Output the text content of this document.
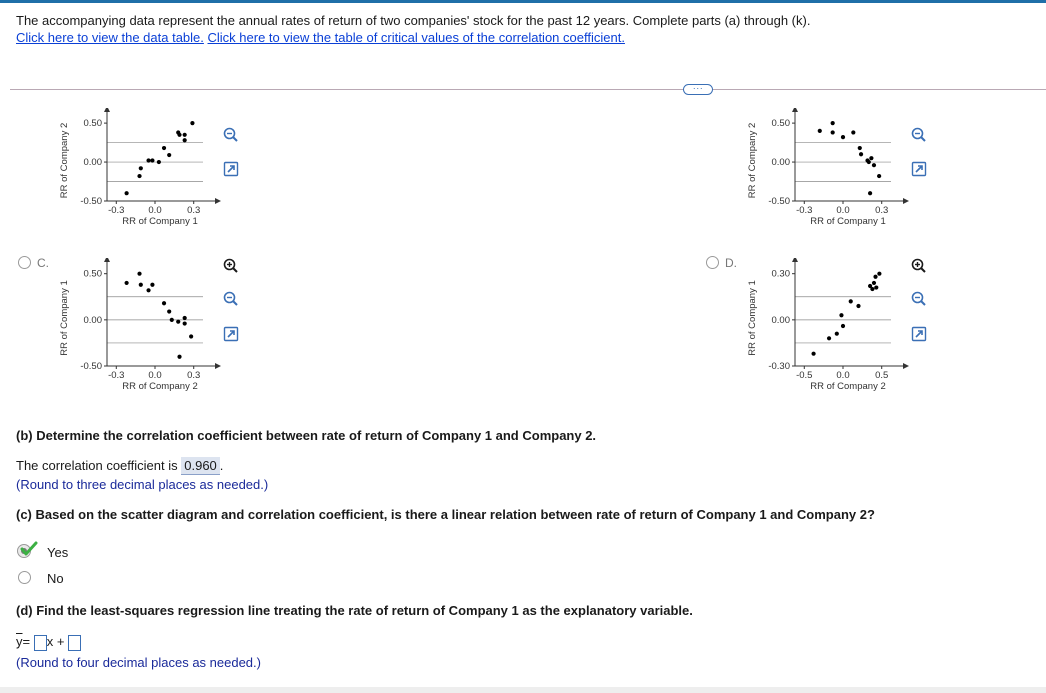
The accompanying data represent the annual rates of return of two companies' stock for the past 12 years. Complete parts (a) through (k).
Click here to view the data table. Click here to view the table of critical values of the correlation coefficient.
···
0.50
0.00
-0.50
-0.3	0.0	0.3
RR of Company 1
RR of Company 2	0.50
0.00
-0.50
-0.3	0.0	0.3
RR of Company 1
RR of Company 2
0.50
0.00
-0.50
-0.3	0.0	0.3
RR of Company 2
RR of Company 1
0.30
0.00
-0.30
-0.5	0.0	0.5
RR of Company 2
RR of Company 1
C.	D.
(b) Determine the correlation coefficient between rate of return of Company 1 and Company 2.
The correlation coefficient is 0.960 .
(Round to three decimal places as needed.)
(c) Based on the scatter diagram and correlation coefficient, is there a linear relation between rate of return of Company 1 and Company 2?
Yes
No
(d) Find the least-squares regression line treating the rate of return of Company 1 as the explanatory variable.
$\overline{y}= x$ +
(Round to four decimal places as needed.)
